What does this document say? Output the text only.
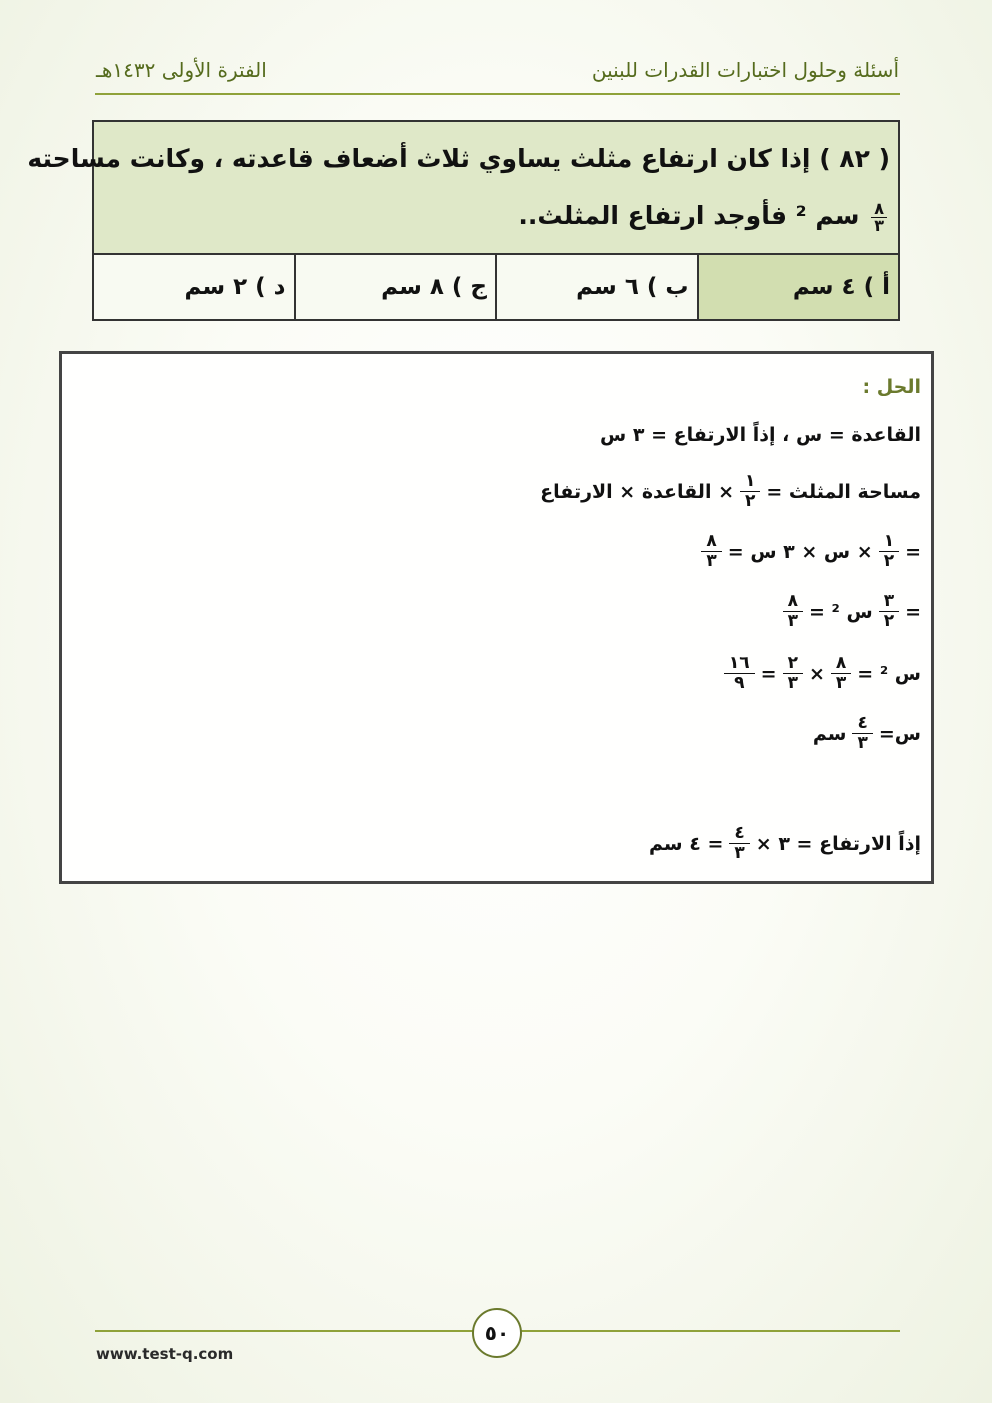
أسئلة وحلول اختبارات القدرات للبنين
الفترة الأولى ١٤٣٢هـ
( ٨٢ ) إذا كان ارتفاع مثلث يساوي ثلاث أضعاف قاعدته ، وكانت مساحته
$\frac{٨}{٣}$
سم ² فأوجد ارتفاع المثلث..
أ ) ٤ سم
ب ) ٦ سم
ج ) ٨ سم
د ) ٢ سم
الحل :
القاعدة = س ، إذاً الارتفاع = ٣ س
مساحة المثلث =
١
٢
× القاعدة × الارتفاع
=
١
٢
× س × ٣ س =
٨
٣
=
٣
٢
س ² =
٨
٣
س ² =
٨
٣
×
٢
٣
=
١٦
٩
س=
٤
٣
سم
إذاً الارتفاع = ٣ ×
٤
٣
= ٤ سم
٥٠
www.test-q.com
